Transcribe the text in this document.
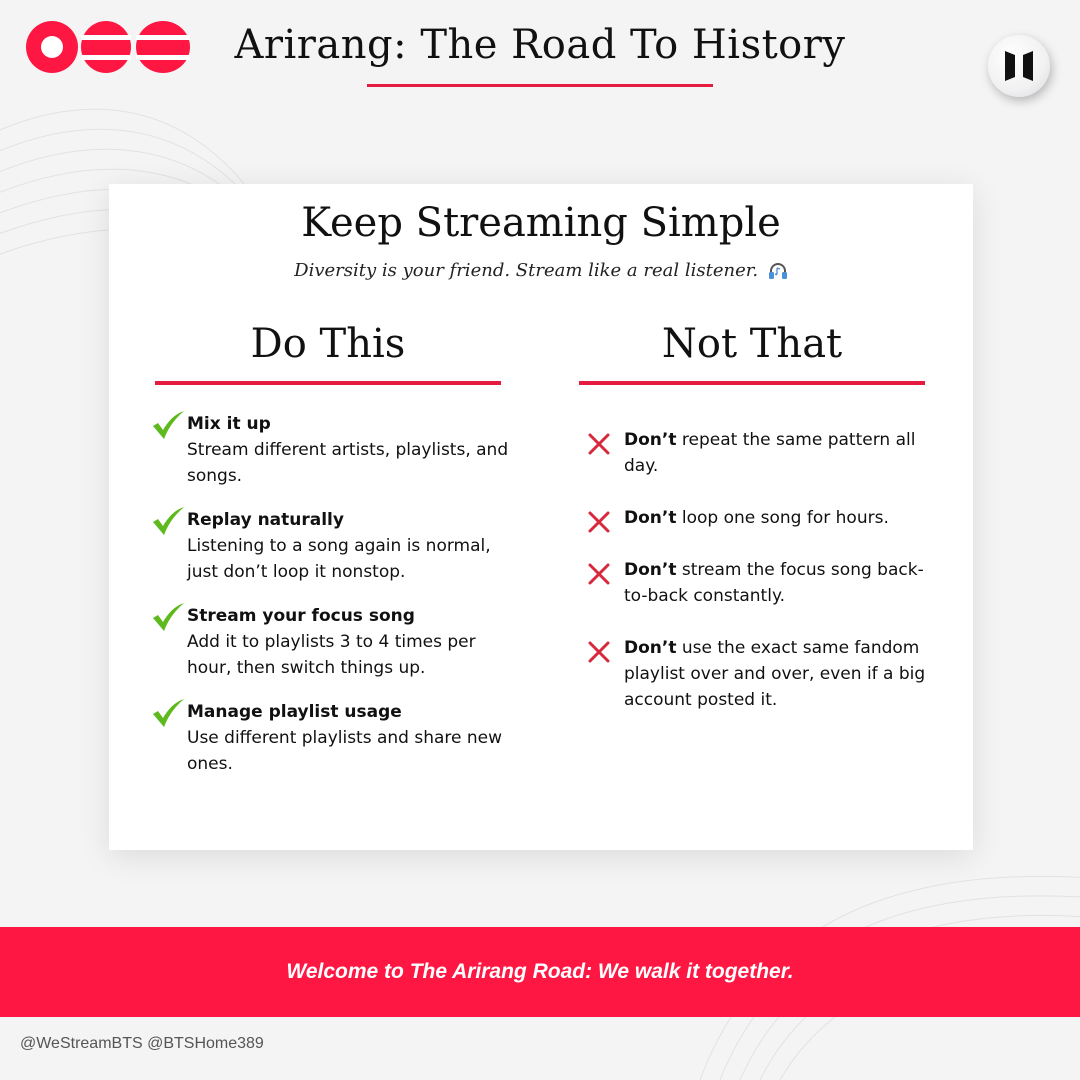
Arirang: The Road To History
Keep Streaming Simple
Diversity is your friend. Stream like a real listener.
Do This	Not That
Mix it up
Stream different artists, playlists, and songs.
Replay naturally
Listening to a song again is normal, just don’t loop it nonstop.
Stream your focus song
Add it to playlists 3 to 4 times per hour, then switch things up.
Manage playlist usage
Use different playlists and share new ones.
Don’t repeat the same pattern all day.
Don’t loop one song for hours.
Don’t stream the focus song back-to-back constantly.
Don’t use the exact same fandom playlist over and over, even if a big account posted it.
Welcome to The Arirang Road: We walk it together.
@WeStreamBTS @BTSHome389
